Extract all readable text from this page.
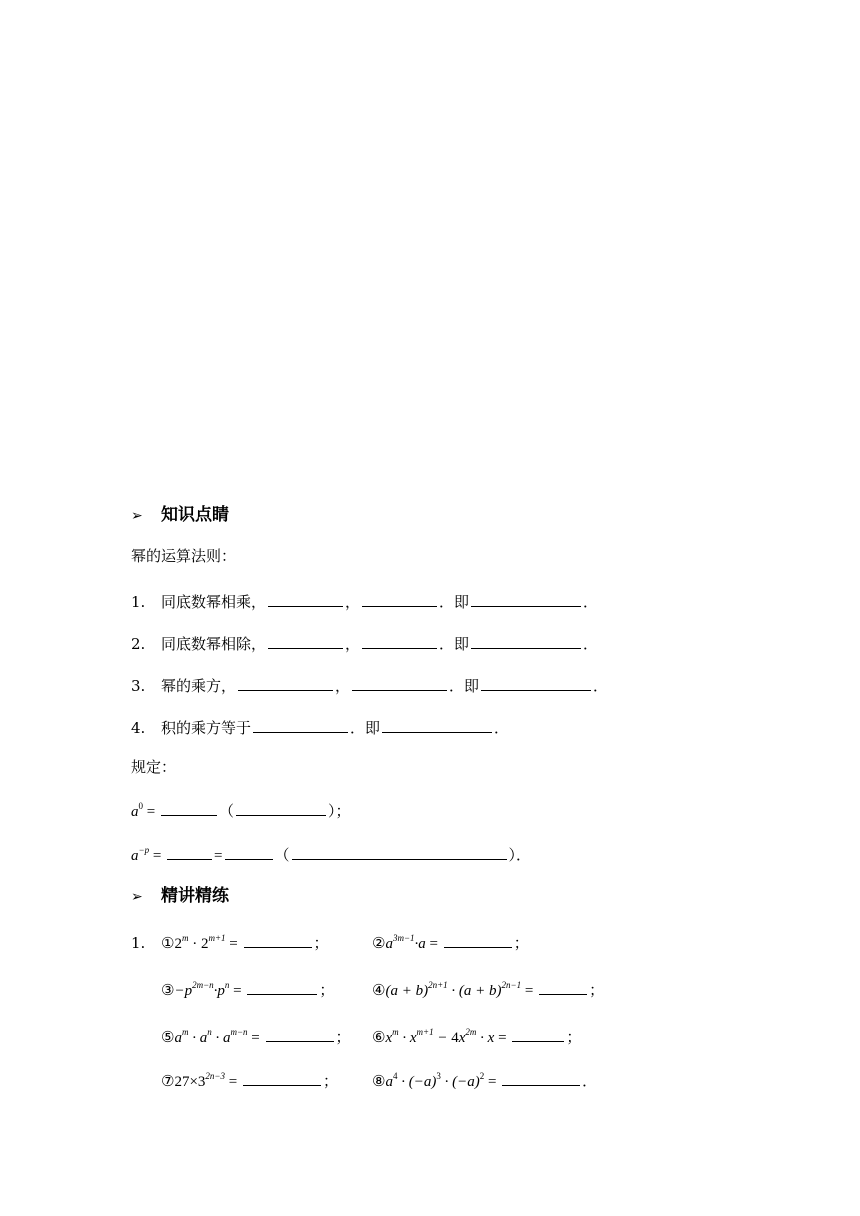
➢ 知识点睛
幂的运算法则：
1. 同底数幂相乘，	，	．即	．
2. 同底数幂相除，	，	．即	．
3. 幂的乘方，	，	．即	．
4. 积的乘方等于	．即	．
规定：
$a^0$ =	（	）；
$a^{-p}$ =	=	（	）．
➢ 精讲精练
1. $①2^m \cdot 2^{m+1}$ =	；	$②a^{3m-1}\cdot a$ =	；
$③-p^{2m-n}\cdot p^n$ =	；	④(a + $b)^{2n+1} \cdot (a + b)^{2n-1}$ =	；
$⑤a^m \cdot a^n \cdot a^{m-n}$ =	； $⑥x^m \cdot x^{m+1} - 4x^{2m} \cdot x$ =	；
$⑦27\times 3^{2n-3}$ =	； $⑧a^4 \cdot (-a)^3 \cdot (-a)^2$ =	．
